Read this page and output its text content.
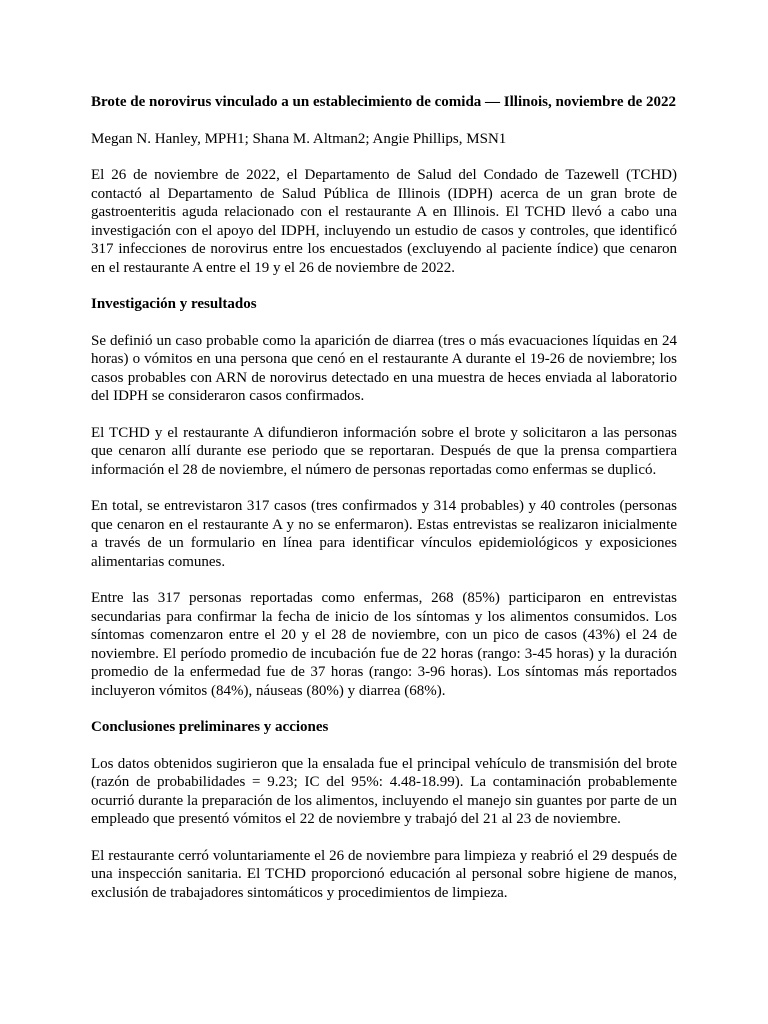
Brote de norovirus vinculado a un establecimiento de comida — Illinois, noviembre de 2022

Megan N. Hanley, MPH1; Shana M. Altman2; Angie Phillips, MSN1

El 26 de noviembre de 2022, el Departamento de Salud del Condado de Tazewell (TCHD) contactó al Departamento de Salud Pública de Illinois (IDPH) acerca de un gran brote de gastroenteritis aguda relacionado con el restaurante A en Illinois. El TCHD llevó a cabo una investigación con el apoyo del IDPH, incluyendo un estudio de casos y controles, que identificó 317 infecciones de norovirus entre los encuestados (excluyendo al paciente índice) que cenaron en el restaurante A entre el 19 y el 26 de noviembre de 2022.

Investigación y resultados

Se definió un caso probable como la aparición de diarrea (tres o más evacuaciones líquidas en 24 horas) o vómitos en una persona que cenó en el restaurante A durante el 19-26 de noviembre; los casos probables con ARN de norovirus detectado en una muestra de heces enviada al laboratorio del IDPH se consideraron casos confirmados.

El TCHD y el restaurante A difundieron información sobre el brote y solicitaron a las personas que cenaron allí durante ese periodo que se reportaran. Después de que la prensa compartiera información el 28 de noviembre, el número de personas reportadas como enfermas se duplicó.

En total, se entrevistaron 317 casos (tres confirmados y 314 probables) y 40 controles (personas que cenaron en el restaurante A y no se enfermaron). Estas entrevistas se realizaron inicialmente a través de un formulario en línea para identificar vínculos epidemiológicos y exposiciones alimentarias comunes.

Entre las 317 personas reportadas como enfermas, 268 (85%) participaron en entrevistas secundarias para confirmar la fecha de inicio de los síntomas y los alimentos consumidos. Los síntomas comenzaron entre el 20 y el 28 de noviembre, con un pico de casos (43%) el 24 de noviembre. El período promedio de incubación fue de 22 horas (rango: 3-45 horas) y la duración promedio de la enfermedad fue de 37 horas (rango: 3-96 horas). Los síntomas más reportados incluyeron vómitos (84%), náuseas (80%) y diarrea (68%).

Conclusiones preliminares y acciones

Los datos obtenidos sugirieron que la ensalada fue el principal vehículo de transmisión del brote (razón de probabilidades = 9.23; IC del 95%: 4.48-18.99). La contaminación probablemente ocurrió durante la preparación de los alimentos, incluyendo el manejo sin guantes por parte de un empleado que presentó vómitos el 22 de noviembre y trabajó del 21 al 23 de noviembre.

El restaurante cerró voluntariamente el 26 de noviembre para limpieza y reabrió el 29 después de una inspección sanitaria. El TCHD proporcionó educación al personal sobre higiene de manos, exclusión de trabajadores sintomáticos y procedimientos de limpieza.
